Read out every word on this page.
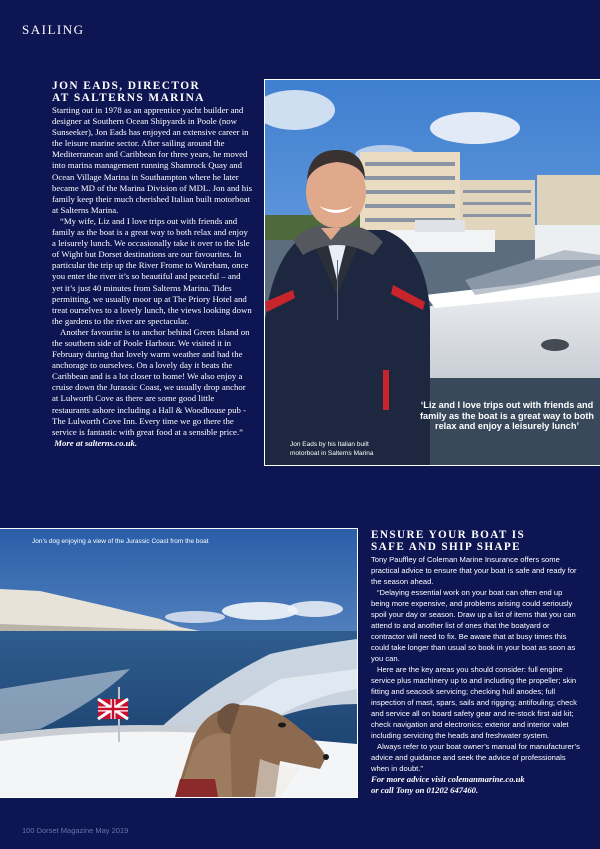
SAILING
JON EADS, DIRECTOR
AT SALTERNS MARINA

Starting out in 1978 as an apprentice yacht builder and designer at Southern Ocean Shipyards in Poole (now Sunseeker), Jon Eads has enjoyed an extensive career in the leisure marine sector. After sailing around the Mediterranean and Caribbean for three years, he moved into marina management running Shamrock Quay and Ocean Village Marina in Southampton where he later became MD of the Marina Division of MDL. Jon and his family keep their much cherished Italian built motorboat at Salterns Marina.

“My wife, Liz and I love trips out with friends and family as the boat is a great way to both relax and enjoy a leisurely lunch. We occasionally take it over to the Isle of Wight but Dorset destinations are our favourites. In particular the trip up the River Frome to Wareham, once you enter the river it’s so beautiful and peaceful – and yet it’s just 40 minutes from Salterns Marina. Tides permitting, we usually moor up at The Priory Hotel and treat ourselves to a lovely lunch, the views looking down the gardens to the river are spectacular.

Another favourite is to anchor behind Green Island on the southern side of Poole Harbour. We visited it in February during that lovely warm weather and had the anchorage to ourselves. On a lovely day it beats the Caribbean and is a lot closer to home! We also enjoy a cruise down the Jurassic Coast, we usually drop anchor at Lulworth Cove as there are some good little restaurants ashore including a Hall & Woodhouse pub - The Lulworth Cove Inn. Every time we go there the service is fantastic with great food at a sensible price.”

More at salterns.co.uk.	Jon Eads by his Italian built
motorboat in Salterns Marina
‘Liz and I love trips out with friends and family as the boat is a great way to both relax and enjoy a leisurely lunch’
Jon’s dog enjoying a view of the Jurassic Coast from the boat
ENSURE YOUR BOAT IS
SAFE AND SHIP SHAPE

Tony Pauffley of Coleman Marine Insurance offers some practical advice to ensure that your boat is safe and ready for the season ahead.

“Delaying essential work on your boat can often end up being more expensive, and problems arising could seriously spoil your day or season. Draw up a list of items that you can attend to and another list of ones that the boatyard or contractor will need to fix. Be aware that at busy times this could take longer than usual so book in your boat as soon as you can.

Here are the key areas you should consider: full engine service plus machinery up to and including the propeller; skin fitting and seacock servicing; checking hull anodes; full inspection of mast, spars, sails and rigging; antifouling; check and service all on board safety gear and re-stock first aid kit; check navigation and electronics; exterior and interior valet including servicing the heads and freshwater system.

Always refer to your boat owner’s manual for manufacturer’s advice and guidance and seek the advice of professionals when in doubt.”

For more advice visit colemanmarine.co.uk
or call Tony on 01202 647460.
100 Dorset Magazine May 2019
